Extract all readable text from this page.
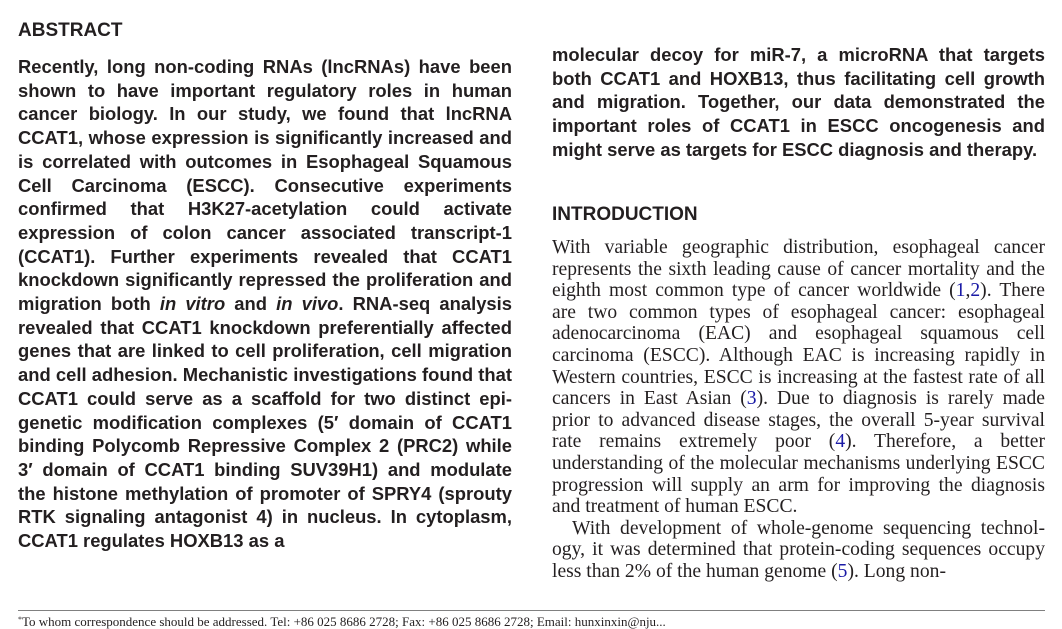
ABSTRACT

Recently, long non-coding RNAs (lncRNAs) have been shown to have important regulatory roles in human cancer biology. In our study, we found that lncRNA CCAT1, whose expression is significantly increased and is correlated with outcomes in Esophageal Squamous Cell Carcinoma (ESCC). Consecutive experiments confirmed that H3K27-acetylation could activate expression of colon cancer associated transcript-1 (CCAT1). Further experiments revealed that CCAT1 knockdown significantly repressed the proliferation and migration both in vitro and in vivo. RNA-seq analysis revealed that CCAT1 knockdown preferentially affected genes that are linked to cell proliferation, cell migration and cell adhesion. Mechanistic investigations found that CCAT1 could serve as a scaffold for two distinct epigenetic modification complexes (5′ domain of CCAT1 binding Polycomb Repressive Complex 2 (PRC2) while 3′ domain of CCAT1 binding SUV39H1) and modulate the histone methylation of promoter of SPRY4 (sprouty RTK signaling antagonist 4) in nucleus. In cytoplasm, CCAT1 regulates HOXB13 as a

molecular decoy for miR-7, a microRNA that targets both CCAT1 and HOXB13, thus facilitating cell growth and migration. Together, our data demonstrated the important roles of CCAT1 in ESCC oncogenesis and might serve as targets for ESCC diagnosis and therapy.

INTRODUCTION

With variable geographic distribution, esophageal cancer represents the sixth leading cause of cancer mortality and the eighth most common type of cancer worldwide (1,2). There are two common types of esophageal cancer: esophageal adenocarcinoma (EAC) and esophageal squamous cell carcinoma (ESCC). Although EAC is increasing rapidly in Western countries, ESCC is increasing at the fastest rate of all cancers in East Asian (3). Due to diagnosis is rarely made prior to advanced disease stages, the overall 5-year survival rate remains extremely poor (4). Therefore, a better understanding of the molecular mechanisms underlying ESCC progression will supply an arm for improving the diagnosis and treatment of human ESCC.

With development of whole-genome sequencing technology, it was determined that protein-coding sequences occupy less than 2% of the human genome (5). Long non-

*To whom correspondence should be addressed. Tel: +86 025 8686 2728; Fax: +86 025 8686 2728; Email: hunxinxin@nju...
